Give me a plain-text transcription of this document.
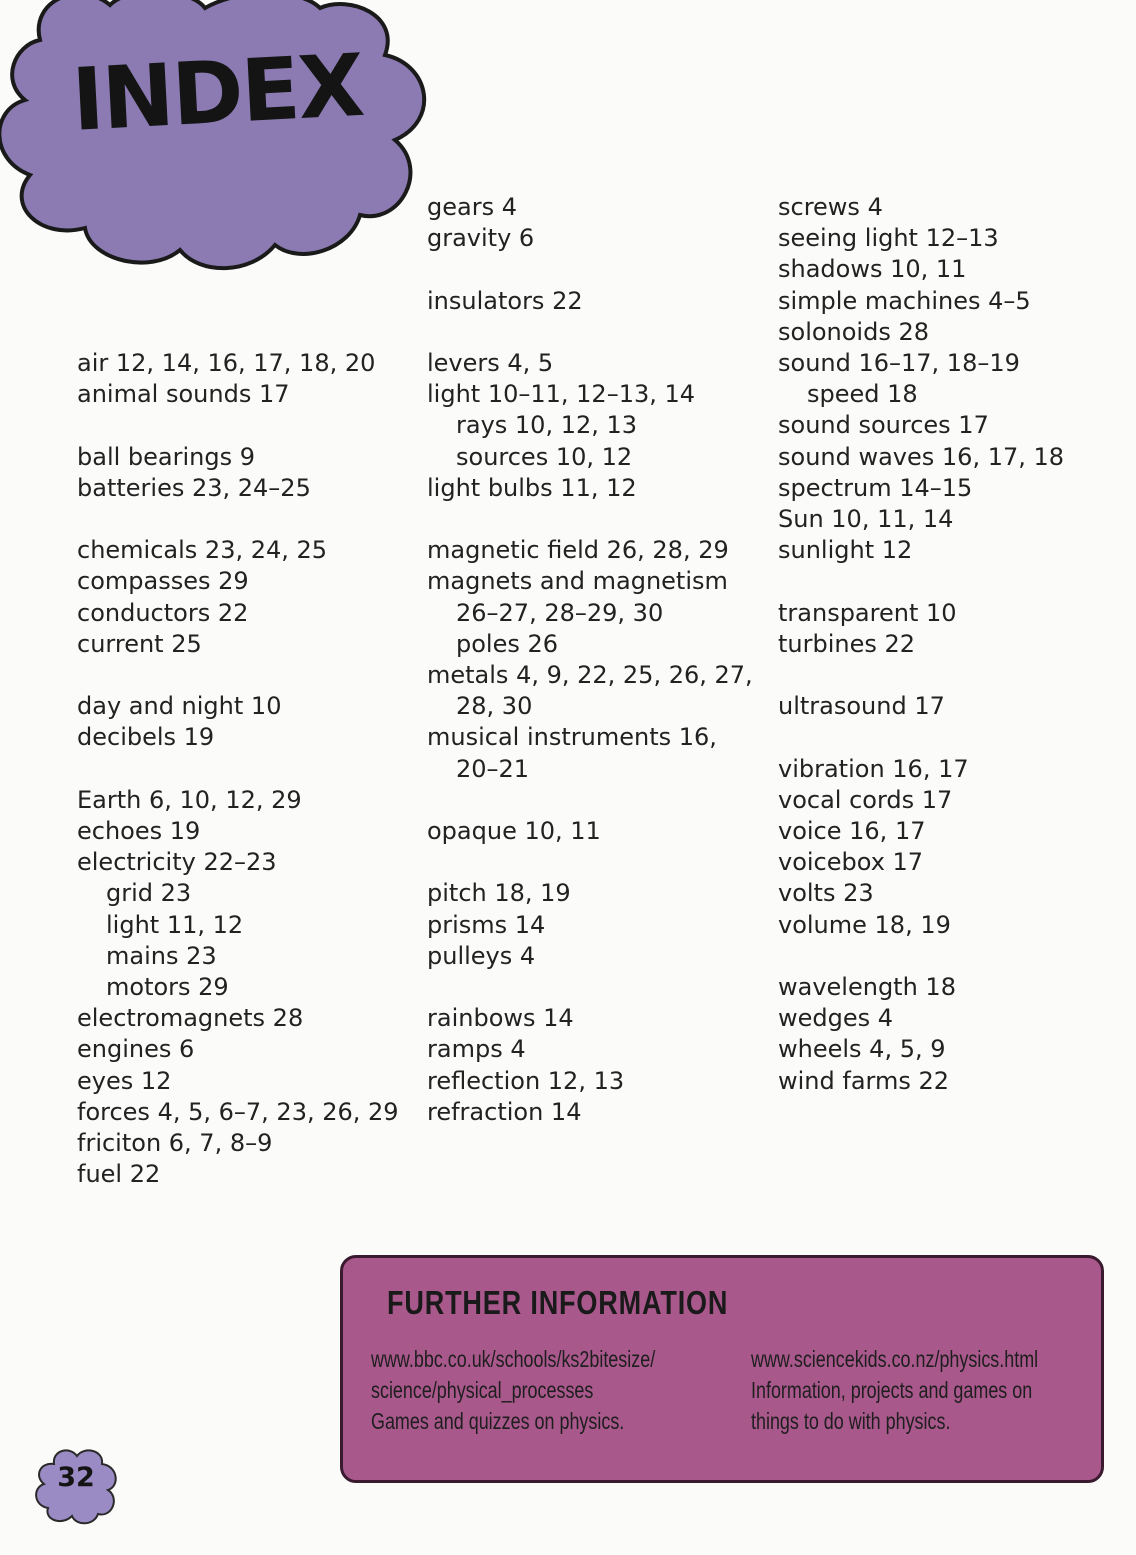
INDEX
air 12, 14, 16, 17, 18, 20
animal sounds 17
ball bearings 9
batteries 23, 24–25
chemicals 23, 24, 25
compasses 29
conductors 22
current 25
day and night 10
decibels 19
Earth 6, 10, 12, 29
echoes 19
electricity 22–23
grid 23
light 11, 12
mains 23
motors 29
electromagnets 28
engines 6
eyes 12
forces 4, 5, 6–7, 23, 26, 29
friciton 6, 7, 8–9
fuel 22
gears 4
gravity 6
insulators 22
levers 4, 5
light 10–11, 12–13, 14
rays 10, 12, 13
sources 10, 12
light bulbs 11, 12
magnetic field 26, 28, 29
magnets and magnetism
26–27, 28–29, 30
poles 26
metals 4, 9, 22, 25, 26, 27,
28, 30
musical instruments 16,
20–21
opaque 10, 11
pitch 18, 19
prisms 14
pulleys 4
rainbows 14
ramps 4
reflection 12, 13
refraction 14
screws 4
seeing light 12–13
shadows 10, 11
simple machines 4–5
solonoids 28
sound 16–17, 18–19
speed 18
sound sources 17
sound waves 16, 17, 18
spectrum 14–15
Sun 10, 11, 14
sunlight 12
transparent 10
turbines 22
ultrasound 17
vibration 16, 17
vocal cords 17
voice 16, 17
voicebox 17
volts 23
volume 18, 19
wavelength 18
wedges 4
wheels 4, 5, 9
wind farms 22
FURTHER INFORMATION
www.bbc.co.uk/schools/ks2bitesize/
science/physical_processes
Games and quizzes on physics.
www.sciencekids.co.nz/physics.html
Information, projects and games on
things to do with physics.
32
